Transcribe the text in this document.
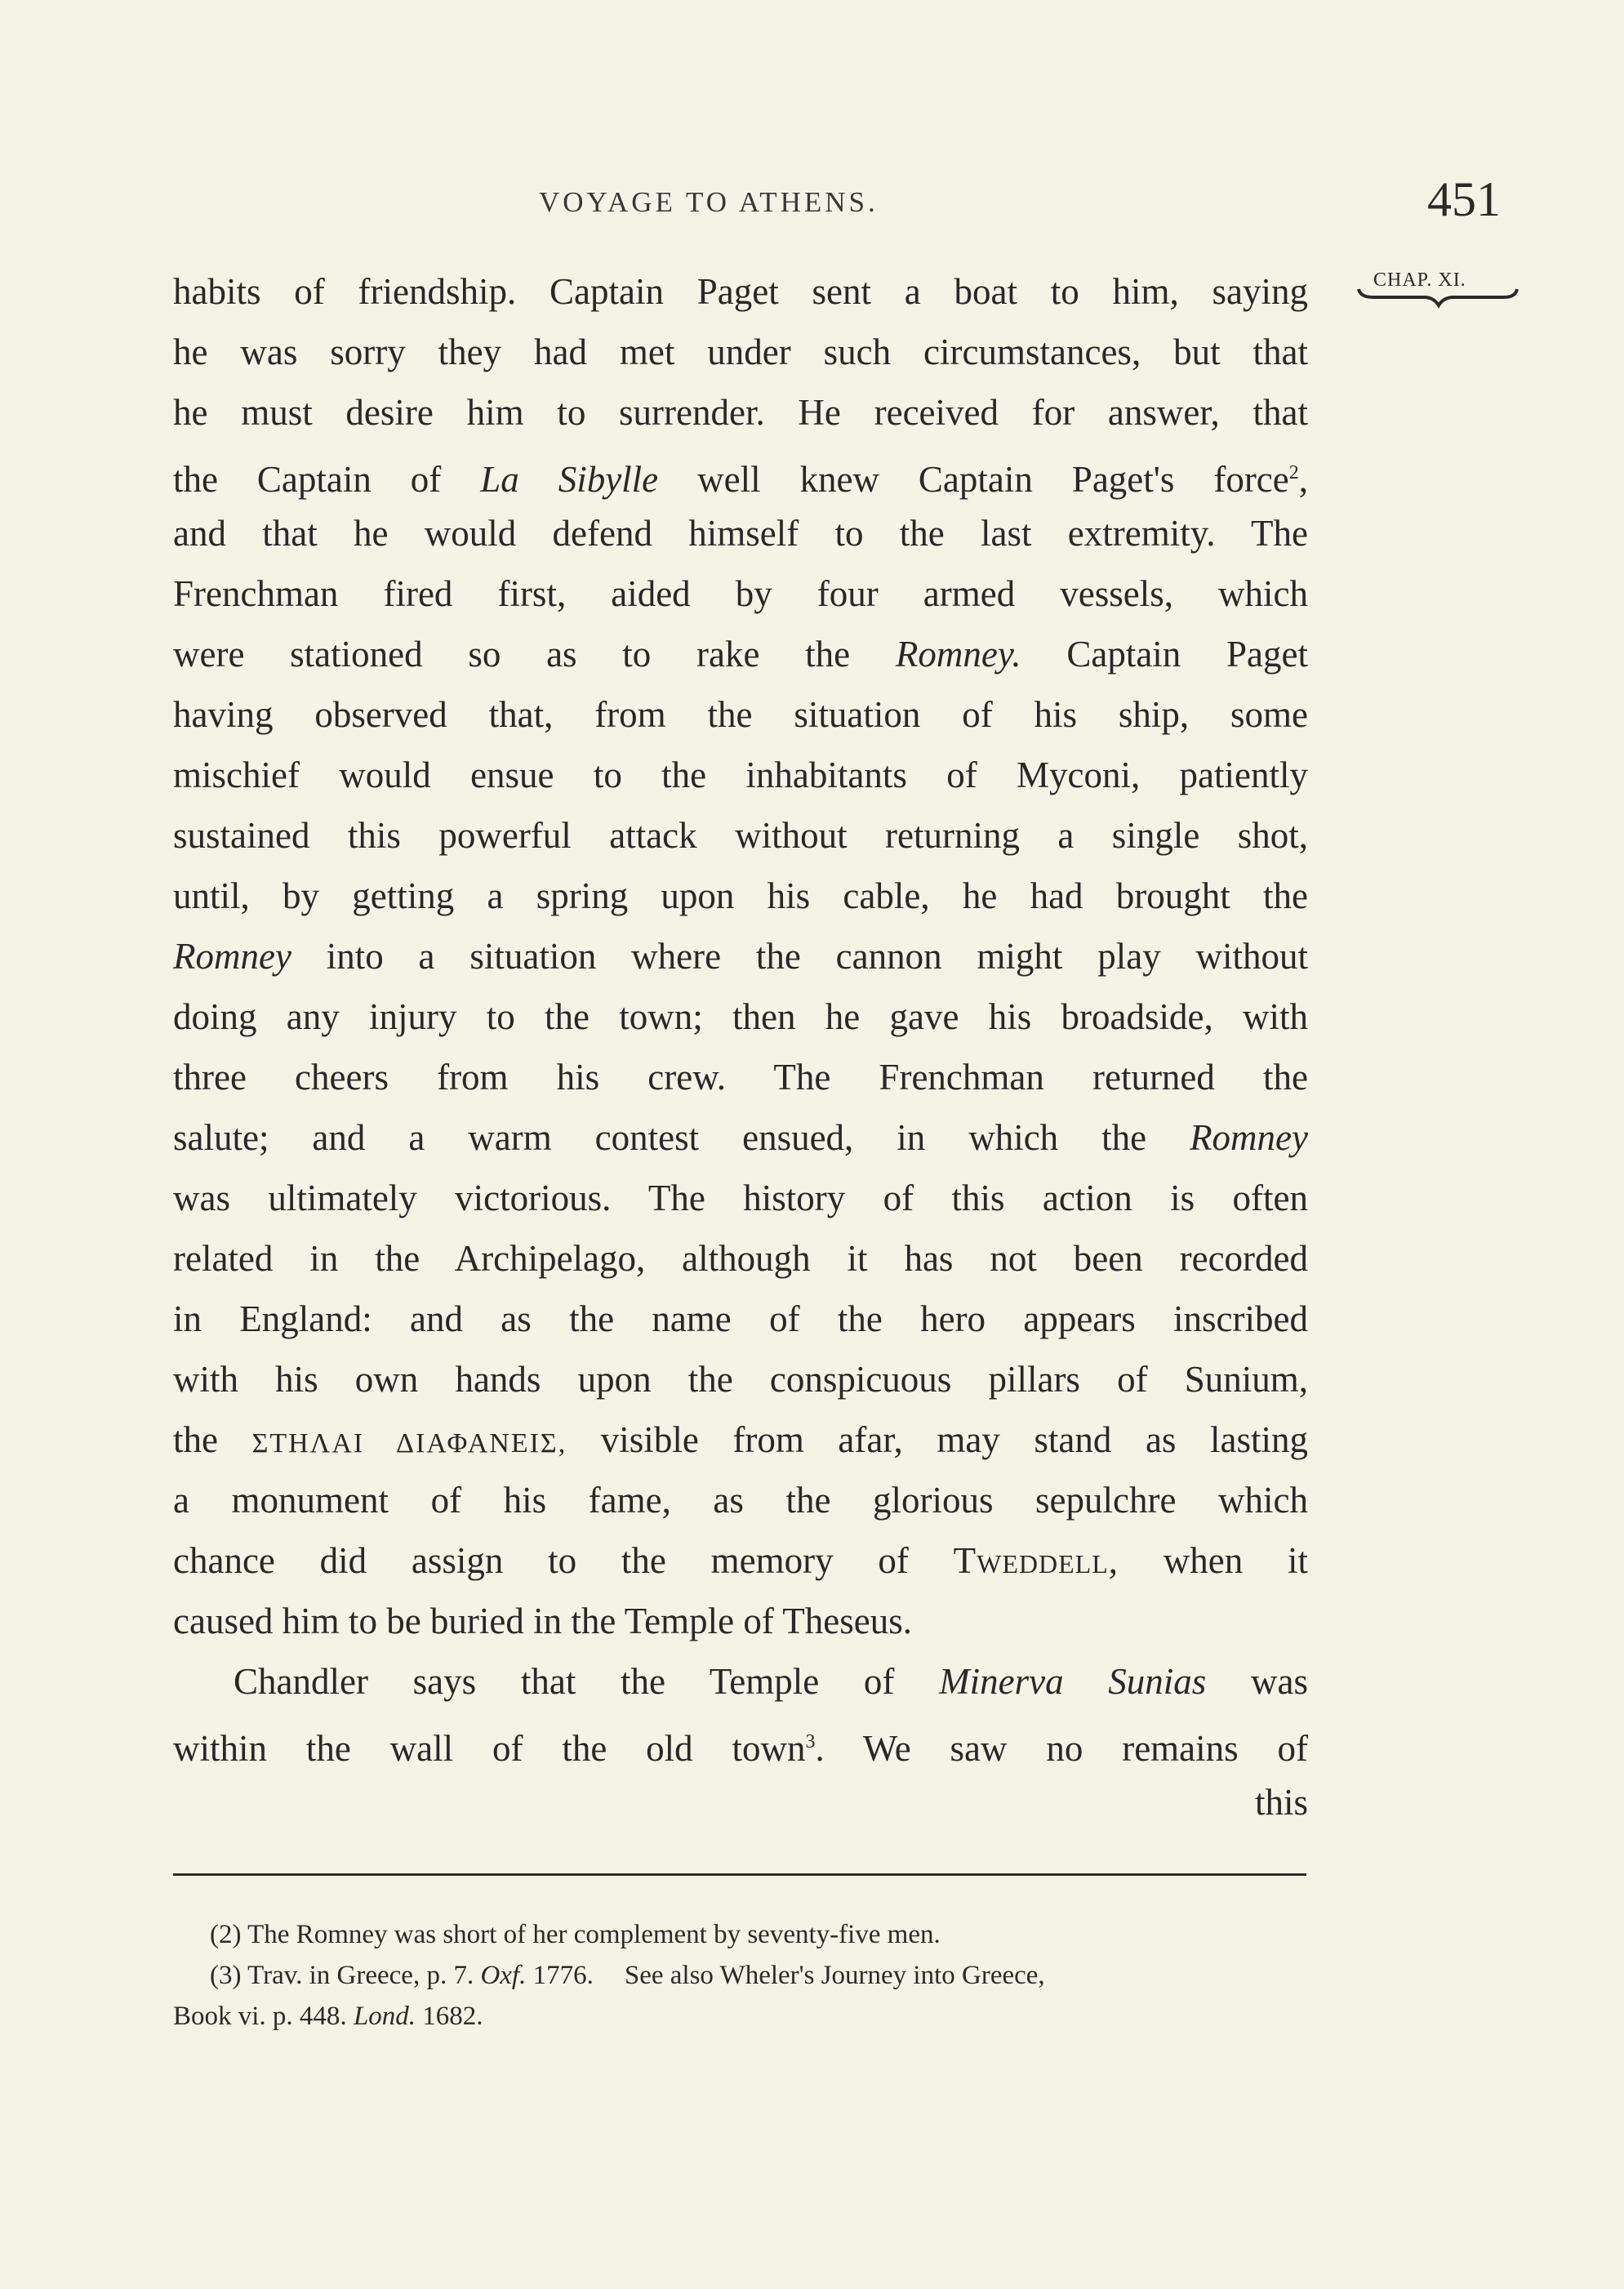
VOYAGE TO ATHENS.	451
CHAP. XI.
habits of friendship. Captain Paget sent a boat to him, saying
he was sorry they had met under such circumstances, but that
he must desire him to surrender. He received for answer, that
the Captain of La Sibylle well knew Captain Paget's force$^2$,
and that he would defend himself to the last extremity. The
Frenchman fired first, aided by four armed vessels, which
were stationed so as to rake the Romney. Captain Paget
having observed that, from the situation of his ship, some
mischief would ensue to the inhabitants of Myconi, patiently
sustained this powerful attack without returning a single shot,
until, by getting a spring upon his cable, he had brought the
Romney into a situation where the cannon might play without
doing any injury to the town; then he gave his broadside, with
three cheers from his crew. The Frenchman returned the
salute; and a warm contest ensued, in which the Romney
was ultimately victorious. The history of this action is often
related in the Archipelago, although it has not been recorded
in England: and as the name of the hero appears inscribed
with his own hands upon the conspicuous pillars of Sunium,
the ΣΤΗΛΑΙ ΔΙΑΦΑΝΕΙΣ, visible from afar, may stand as lasting
a monument of his fame, as the glorious sepulchre which
chance did assign to the memory of Tweddell, when it
caused him to be buried in the Temple of Theseus.
Chandler says that the Temple of Minerva Sunias was
within the wall of the old town$^3$. We saw no remains of
this
(2) The Romney was short of her complement by seventy-five men.
(3) Trav. in Greece, p. 7. Oxf. 1776. See also Wheler's Journey into Greece,
Book vi. p. 448. Lond. 1682.
